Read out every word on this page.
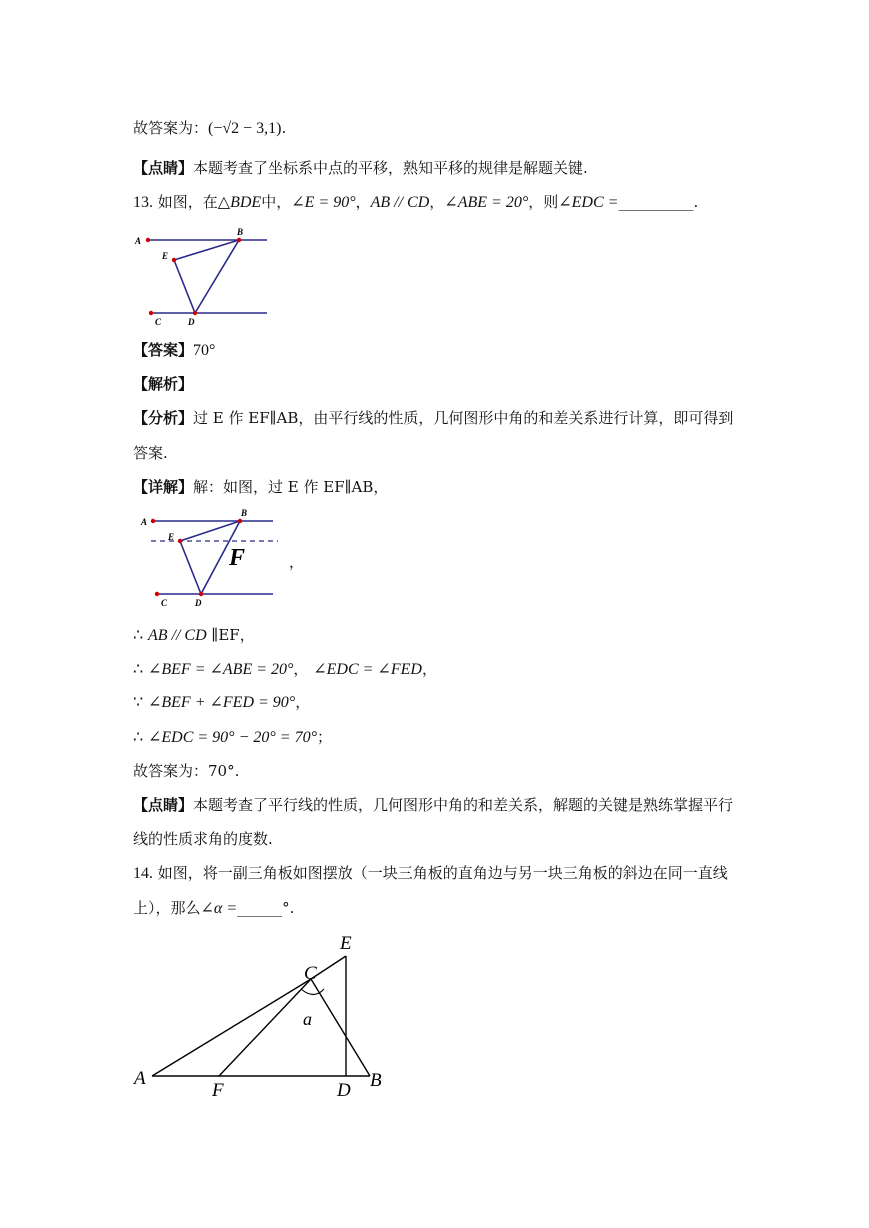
故答案为：(−√2 − 3,1).
【点睛】本题考查了坐标系中点的平移，熟知平移的规律是解题关键.
13. 如图，在△BDE中，∠E = 90°，AB // CD，∠ABE = 20°，则∠EDC =__________.
A
B
E
C	D
【答案】70°
【解析】
【分析】过 E 作 EF∥AB，由平行线的性质，几何图形中角的和差关系进行计算，即可得到
答案.
【详解】解：如图，过 E 作 EF∥AB，
A
B
E
F
C	D
，
∴ AB // CD ∥EF，
∴ ∠BEF = ∠ABE = 20°， ∠EDC = ∠FED，
∵ ∠BEF + ∠FED = 90°，
∴ ∠EDC = 90° − 20° = 70°；
故答案为：70°.
【点睛】本题考查了平行线的性质，几何图形中角的和差关系，解题的关键是熟练掌握平行
线的性质求角的度数.
14. 如图，将一副三角板如图摆放（一块三角板的直角边与另一块三角板的斜边在同一直线
上），那么∠α =______°.
E
C
a
A
F	D B
